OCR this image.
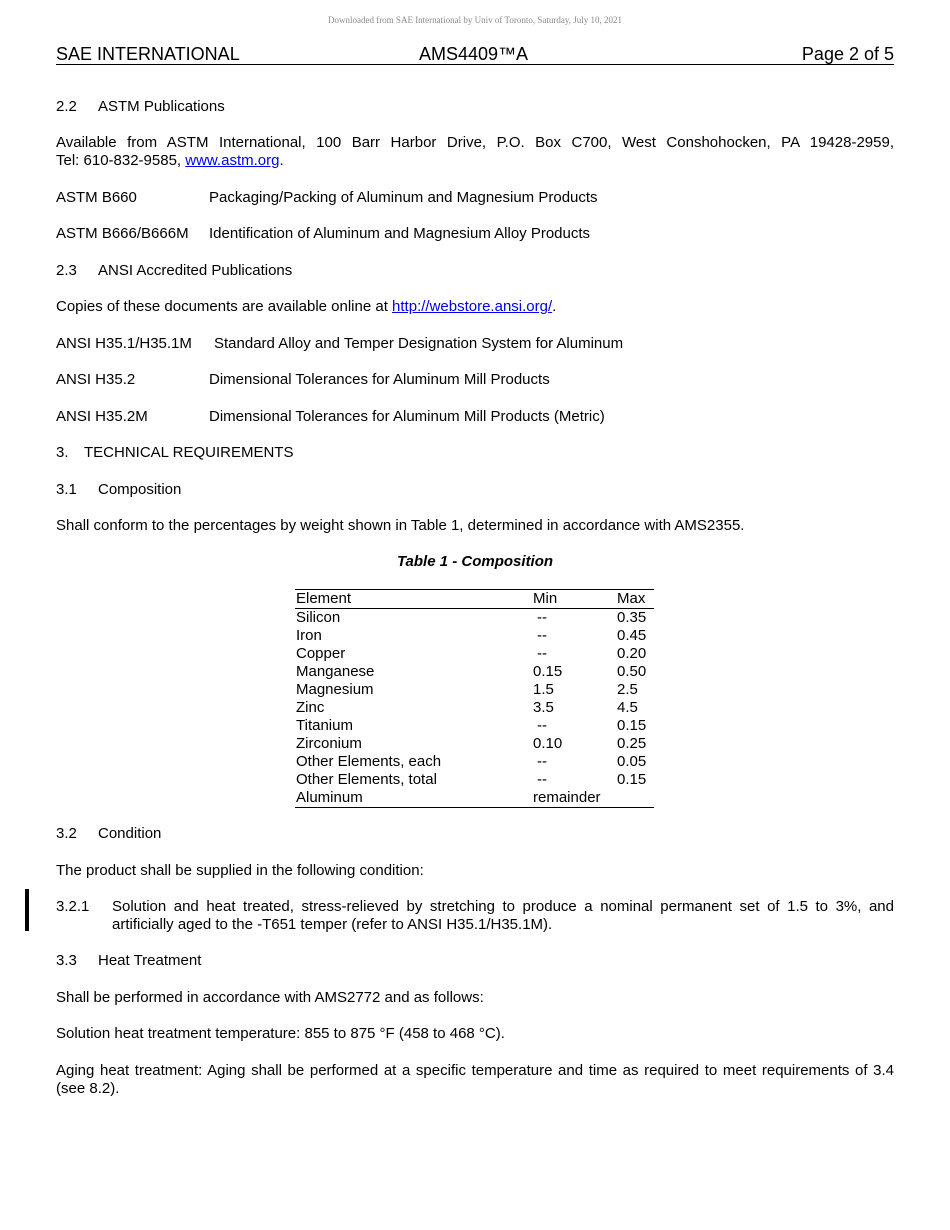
Downloaded from SAE International by Univ of Toronto, Saturday, July 10, 2021
SAE INTERNATIONAL	AMS4409™A	Page 2 of 5
2.2 ASTM Publications
Available from ASTM International, 100 Barr Harbor Drive, P.O. Box C700, West Conshohocken, PA 19428-2959,
Tel: 610-832-9585, www.astm.org.
ASTM B660	Packaging/Packing of Aluminum and Magnesium Products
ASTM B666/B666M Identification of Aluminum and Magnesium Alloy Products
2.3 ANSI Accredited Publications
Copies of these documents are available online at http://webstore.ansi.org/.
ANSI H35.1/H35.1M Standard Alloy and Temper Designation System for Aluminum
ANSI H35.2	Dimensional Tolerances for Aluminum Mill Products
ANSI H35.2M	Dimensional Tolerances for Aluminum Mill Products (Metric)
3. TECHNICAL REQUIREMENTS
3.1 Composition
Shall conform to the percentages by weight shown in Table 1, determined in accordance with AMS2355.
Table 1 - Composition
Element	Min	Max
Silicon	--	0.35
Iron	--	0.45
Copper	--	0.20
Manganese	0.15	0.50
Magnesium	1.5	2.5
Zinc	3.5	4.5
Titanium	--	0.15
Zirconium	0.10	0.25
Other Elements, each	--	0.05
Other Elements, total	--	0.15
Aluminum	remainder
3.2 Condition
The product shall be supplied in the following condition:
3.2.1 Solution and heat treated, stress-relieved by stretching to produce a nominal permanent set of 1.5 to 3%, and
artificially aged to the -T651 temper (refer to ANSI H35.1/H35.1M).
3.3 Heat Treatment
Shall be performed in accordance with AMS2772 and as follows:
Solution heat treatment temperature: 855 to 875 °F (458 to 468 °C).
Aging heat treatment: Aging shall be performed at a specific temperature and time as required to meet requirements of 3.4
(see 8.2).
